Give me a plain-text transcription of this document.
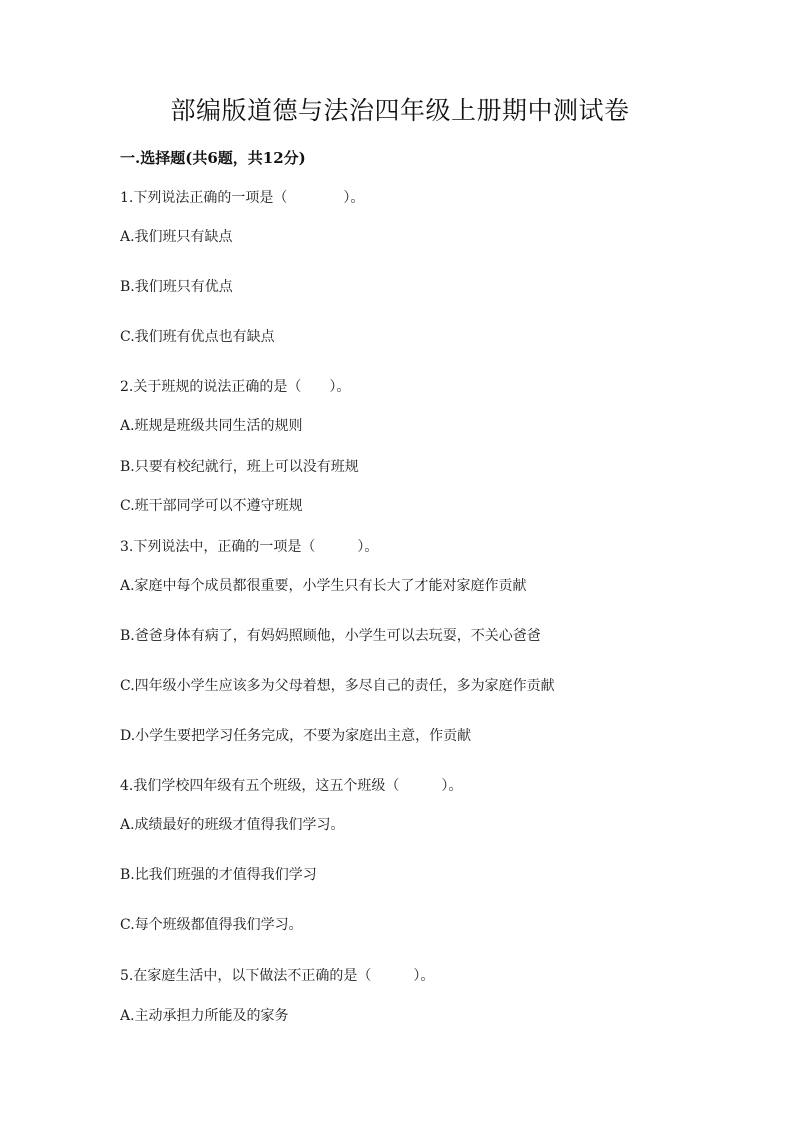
部编版道德与法治四年级上册期中测试卷
一.选择题(共6题，共12分)
1.下列说法正确的一项是（　　　　）。
A.我们班只有缺点
B.我们班只有优点
C.我们班有优点也有缺点
2.关于班规的说法正确的是（　　）。
A.班规是班级共同生活的规则
B.只要有校纪就行，班上可以没有班规
C.班干部同学可以不遵守班规
3.下列说法中，正确的一项是（　　　）。
A.家庭中每个成员都很重要，小学生只有长大了才能对家庭作贡献
B.爸爸身体有病了，有妈妈照顾他，小学生可以去玩耍，不关心爸爸
C.四年级小学生应该多为父母着想，多尽自己的责任，多为家庭作贡献
D.小学生要把学习任务完成，不要为家庭出主意，作贡献
4.我们学校四年级有五个班级，这五个班级（　　　）。
A.成绩最好的班级才值得我们学习。
B.比我们班强的才值得我们学习
C.每个班级都值得我们学习。
5.在家庭生活中，以下做法不正确的是（　　　）。
A.主动承担力所能及的家务
